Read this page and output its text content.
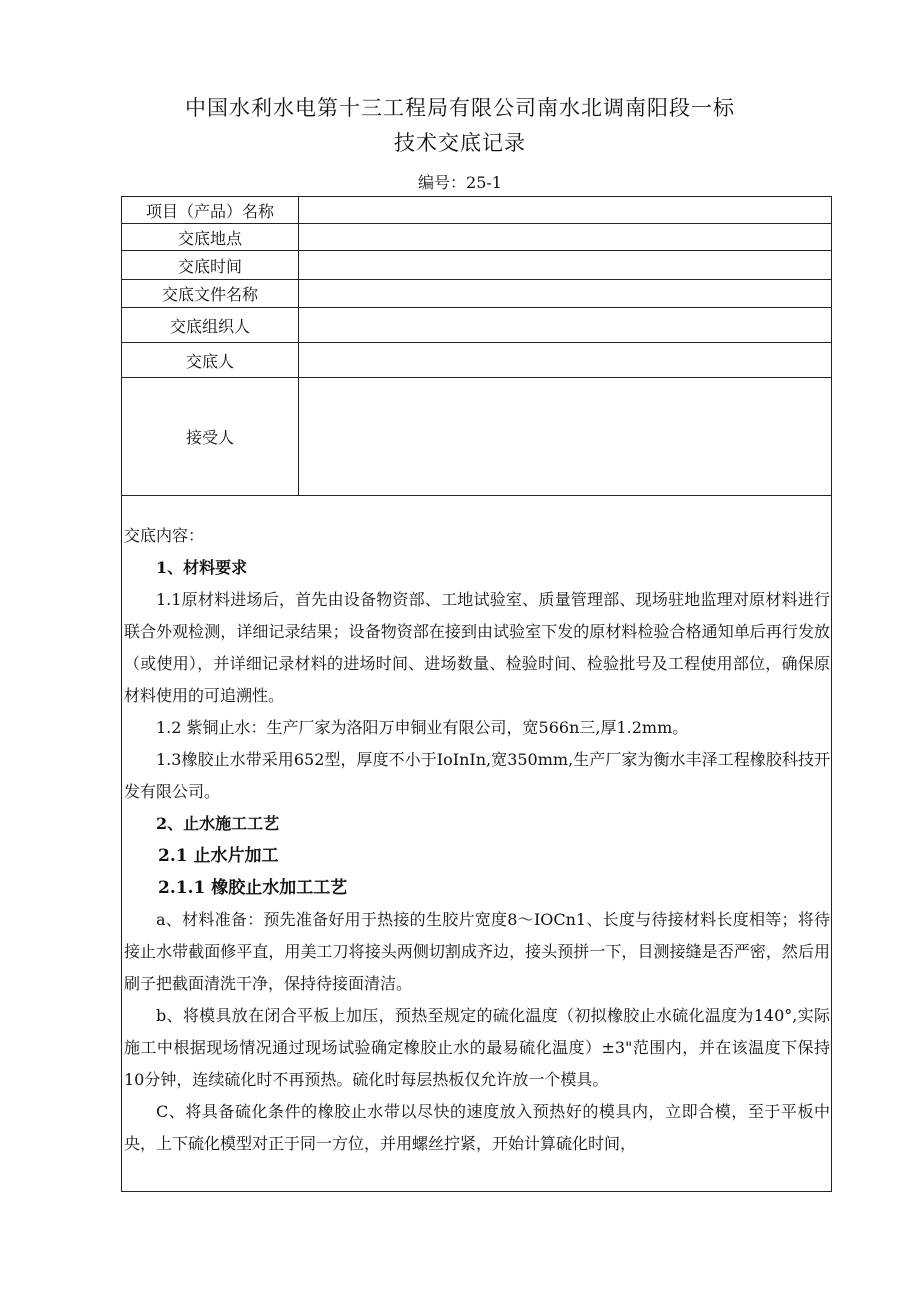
中国水利水电第十三工程局有限公司南水北调南阳段一标
技术交底记录
编号：25-1
项目（产品）名称	
交底地点	
交底时间	
交底文件名称	
交底组织人	
交底人	
接受人	

交底内容：

1、材料要求

1.1原材料进场后，首先由设备物资部、工地试验室、质量管理部、现场驻地监理对原材料进行联合外观检测，详细记录结果；设备物资部在接到由试验室下发的原材料检验合格通知单后再行发放（或使用），并详细记录材料的进场时间、进场数量、检验时间、检验批号及工程使用部位，确保原材料使用的可追溯性。

1.2 紫铜止水：生产厂家为洛阳万申铜业有限公司，宽566n三,厚1.2mm。

1.3橡胶止水带采用652型，厚度不小于IoInIn,宽350mm,生产厂家为衡水丰泽工程橡胶科技开发有限公司。

2、止水施工工艺

2.1 止水片加工

2.1.1 橡胶止水加工工艺

a、材料准备：预先准备好用于热接的生胶片宽度8～IOCn1、长度与待接材料长度相等；将待接止水带截面修平直，用美工刀将接头两侧切割成齐边，接头预拼一下，目测接缝是否严密，然后用刷子把截面清洗干净，保持待接面清洁。

b、将模具放在闭合平板上加压，预热至规定的硫化温度（初拟橡胶止水硫化温度为140°,实际施工中根据现场情况通过现场试验确定橡胶止水的最易硫化温度）±3"范围内，并在该温度下保持10分钟，连续硫化时不再预热。硫化时每层热板仅允许放一个模具。

C、将具备硫化条件的橡胶止水带以尽快的速度放入预热好的模具内，立即合模，至于平板中央，上下硫化模型对正于同一方位，并用螺丝拧紧，开始计算硫化时间，
